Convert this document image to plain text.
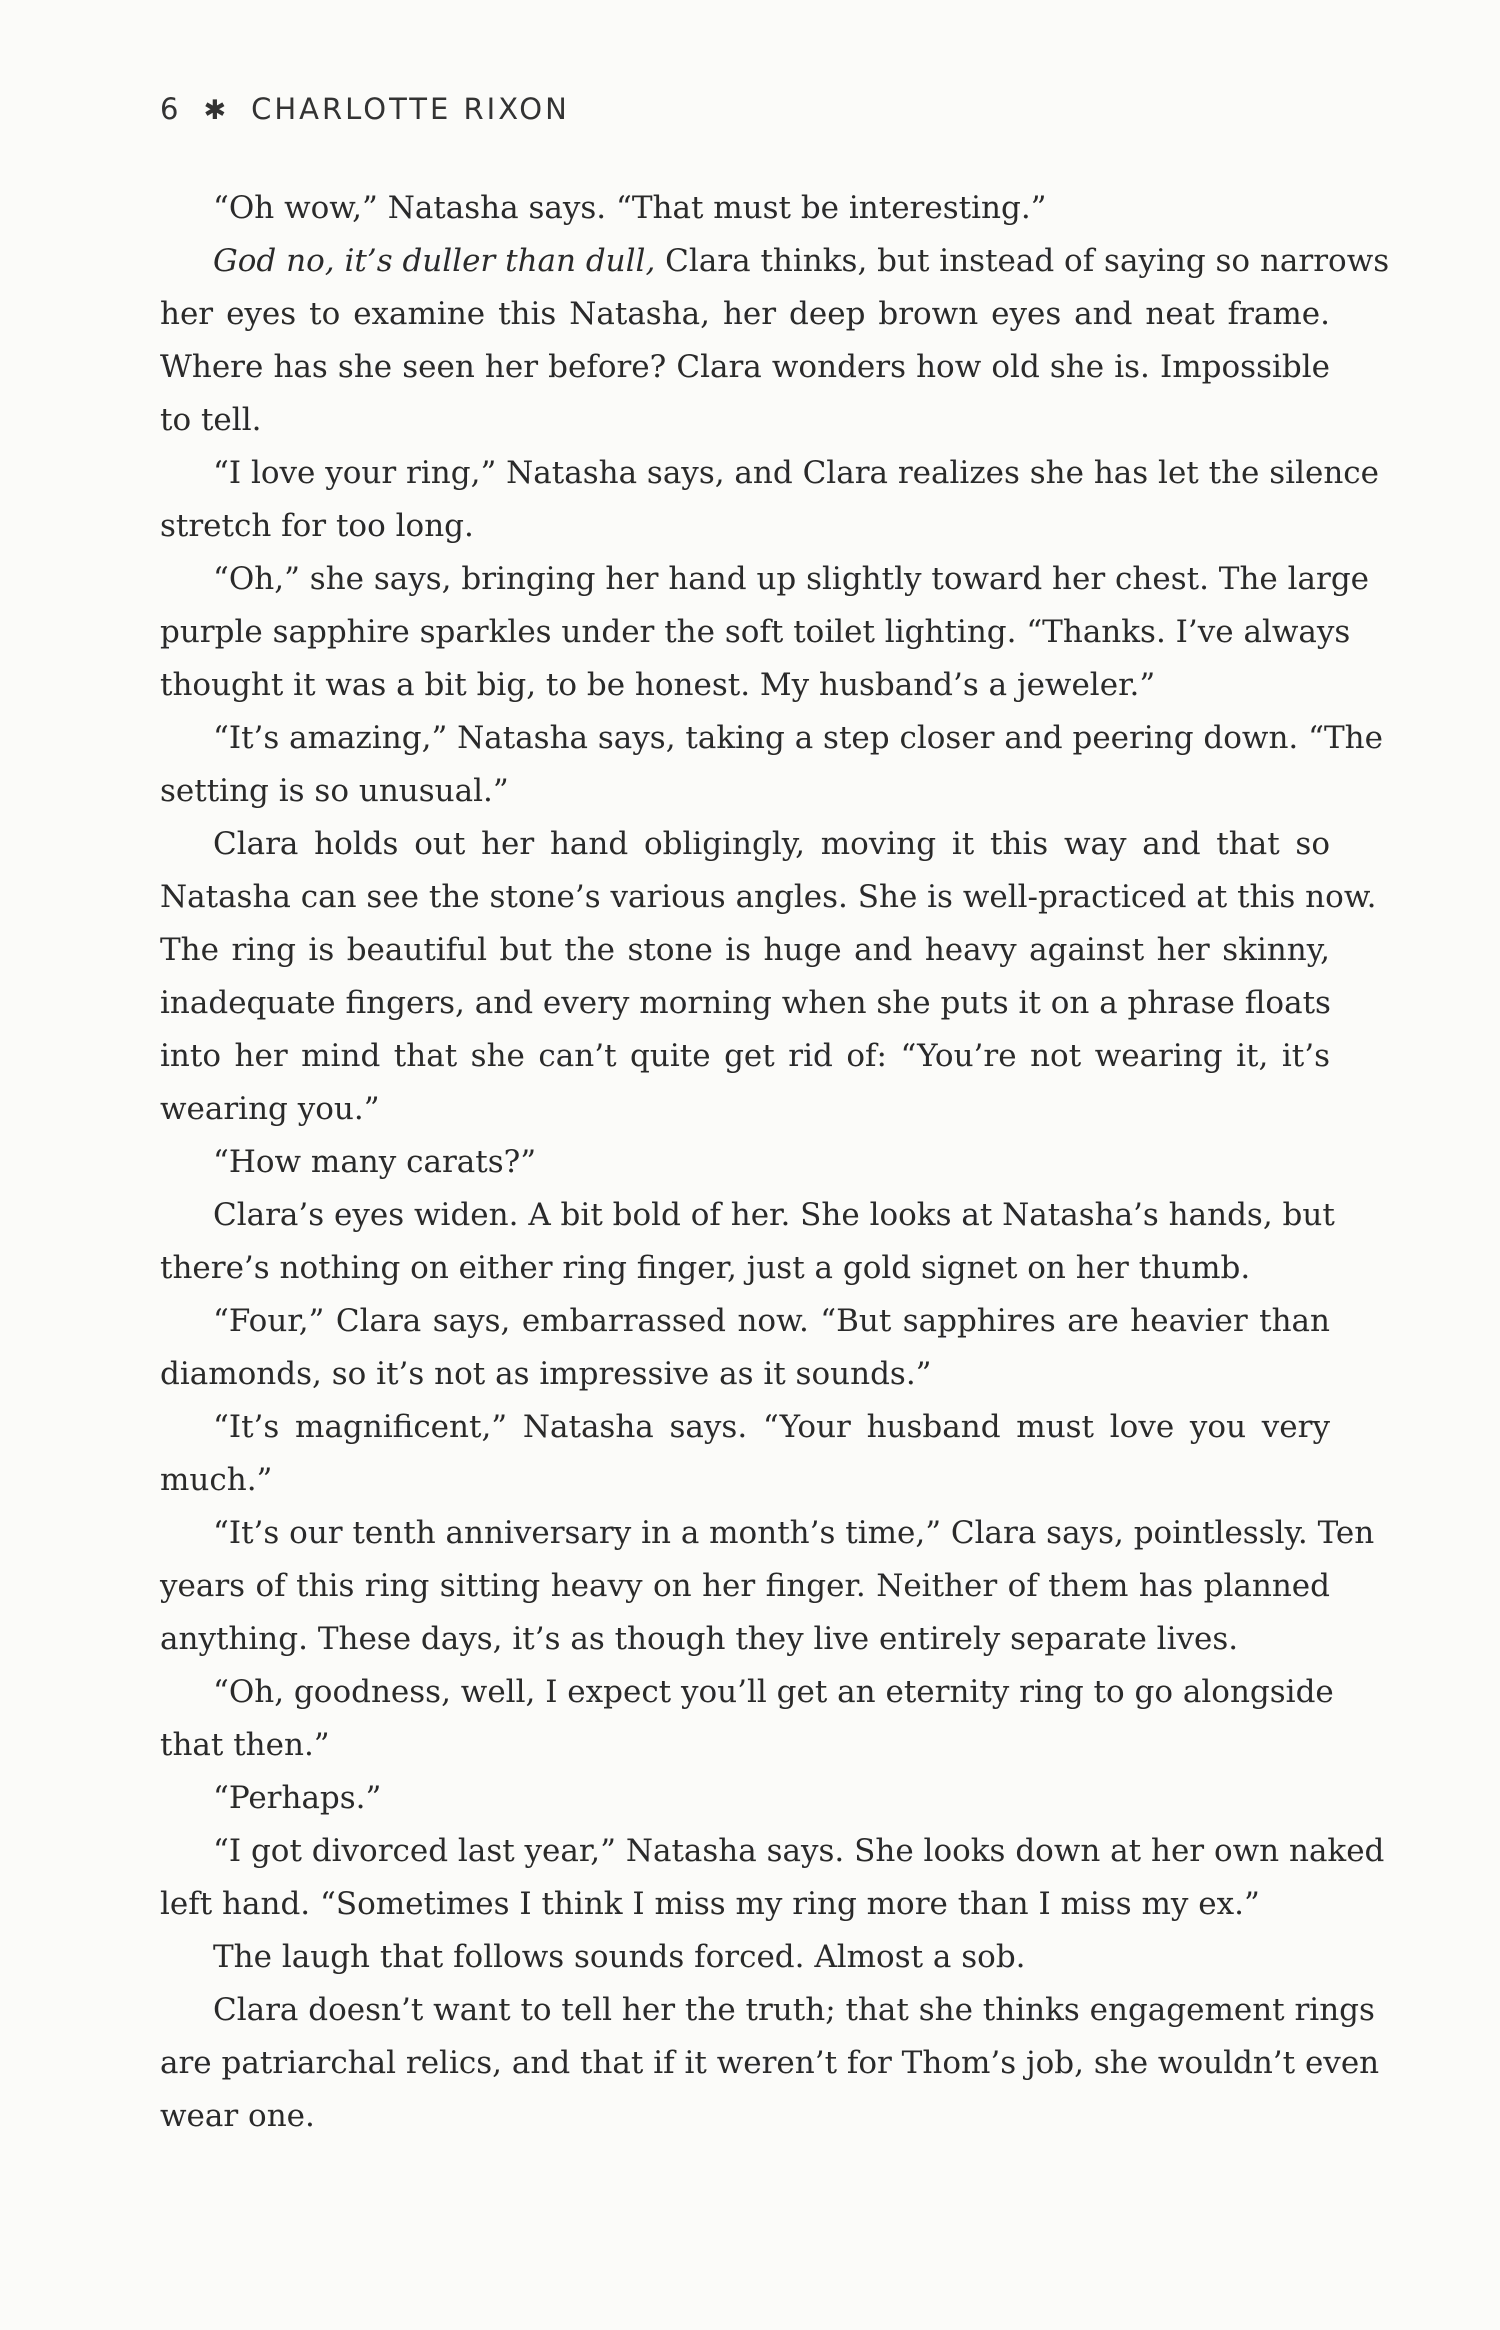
6 ✱ CHARLOTTE RIXON
“Oh wow,” Natasha says. “That must be interesting.”
God no, it’s duller than dull, Clara thinks, but instead of saying so narrows
her eyes to examine this Natasha, her deep brown eyes and neat frame.
Where has she seen her before? Clara wonders how old she is. Impossible
to tell.
“I love your ring,” Natasha says, and Clara realizes she has let the silence
stretch for too long.
“Oh,” she says, bringing her hand up slightly toward her chest. The large
purple sapphire sparkles under the soft toilet lighting. “Thanks. I’ve always
thought it was a bit big, to be honest. My husband’s a jeweler.”
“It’s amazing,” Natasha says, taking a step closer and peering down. “The
setting is so unusual.”
Clara holds out her hand obligingly, moving it this way and that so
Natasha can see the stone’s various angles. She is well-practiced at this now.
The ring is beautiful but the stone is huge and heavy against her skinny,
inadequate fingers, and every morning when she puts it on a phrase floats
into her mind that she can’t quite get rid of: “You’re not wearing it, it’s
wearing you.”
“How many carats?”
Clara’s eyes widen. A bit bold of her. She looks at Natasha’s hands, but
there’s nothing on either ring finger, just a gold signet on her thumb.
“Four,” Clara says, embarrassed now. “But sapphires are heavier than
diamonds, so it’s not as impressive as it sounds.”
“It’s magnificent,” Natasha says. “Your husband must love you very
much.”
“It’s our tenth anniversary in a month’s time,” Clara says, pointlessly. Ten
years of this ring sitting heavy on her finger. Neither of them has planned
anything. These days, it’s as though they live entirely separate lives.
“Oh, goodness, well, I expect you’ll get an eternity ring to go alongside
that then.”
“Perhaps.”
“I got divorced last year,” Natasha says. She looks down at her own naked
left hand. “Sometimes I think I miss my ring more than I miss my ex.”
The laugh that follows sounds forced. Almost a sob.
Clara doesn’t want to tell her the truth; that she thinks engagement rings
are patriarchal relics, and that if it weren’t for Thom’s job, she wouldn’t even
wear one.
